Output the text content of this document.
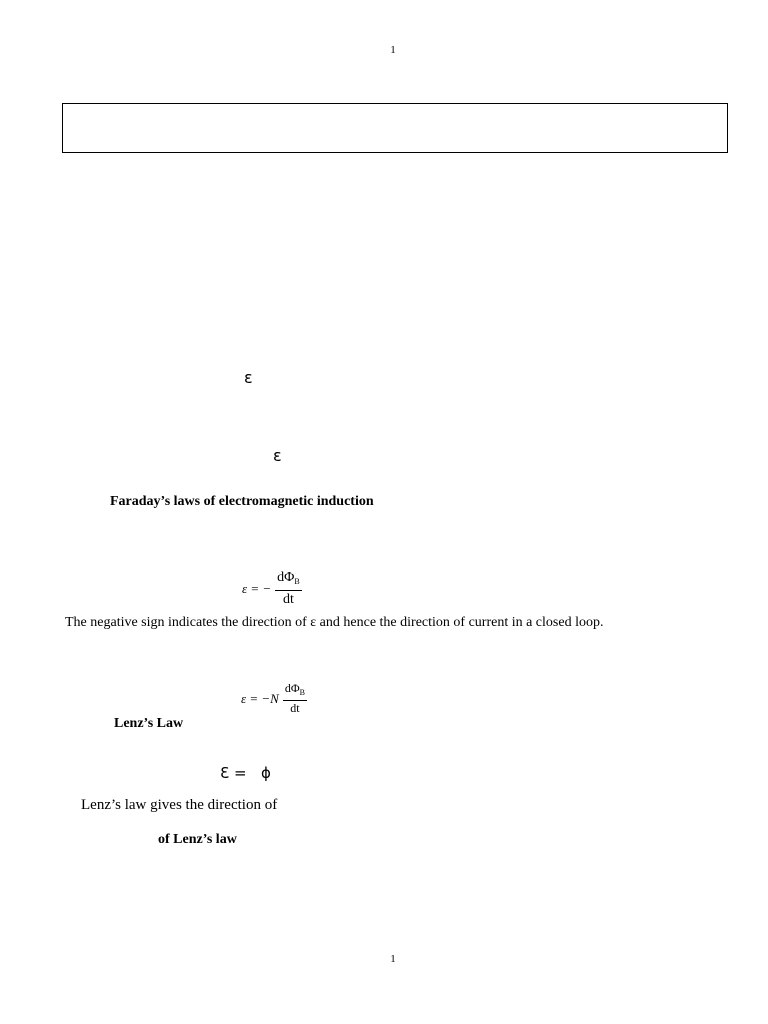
1
ε
ε
Faraday’s laws of electromagnetic induction
ε = − $\frac{d\Phi_B}{dt}$
The negative sign indicates the direction of ε and hence the direction of current in a closed loop.
$\varepsilon = -N \frac{d\Phi_B}{dt}$
Lenz’s Law
Ɛ = ɸ
Lenz’s law gives the direction of
of Lenz’s law
1
